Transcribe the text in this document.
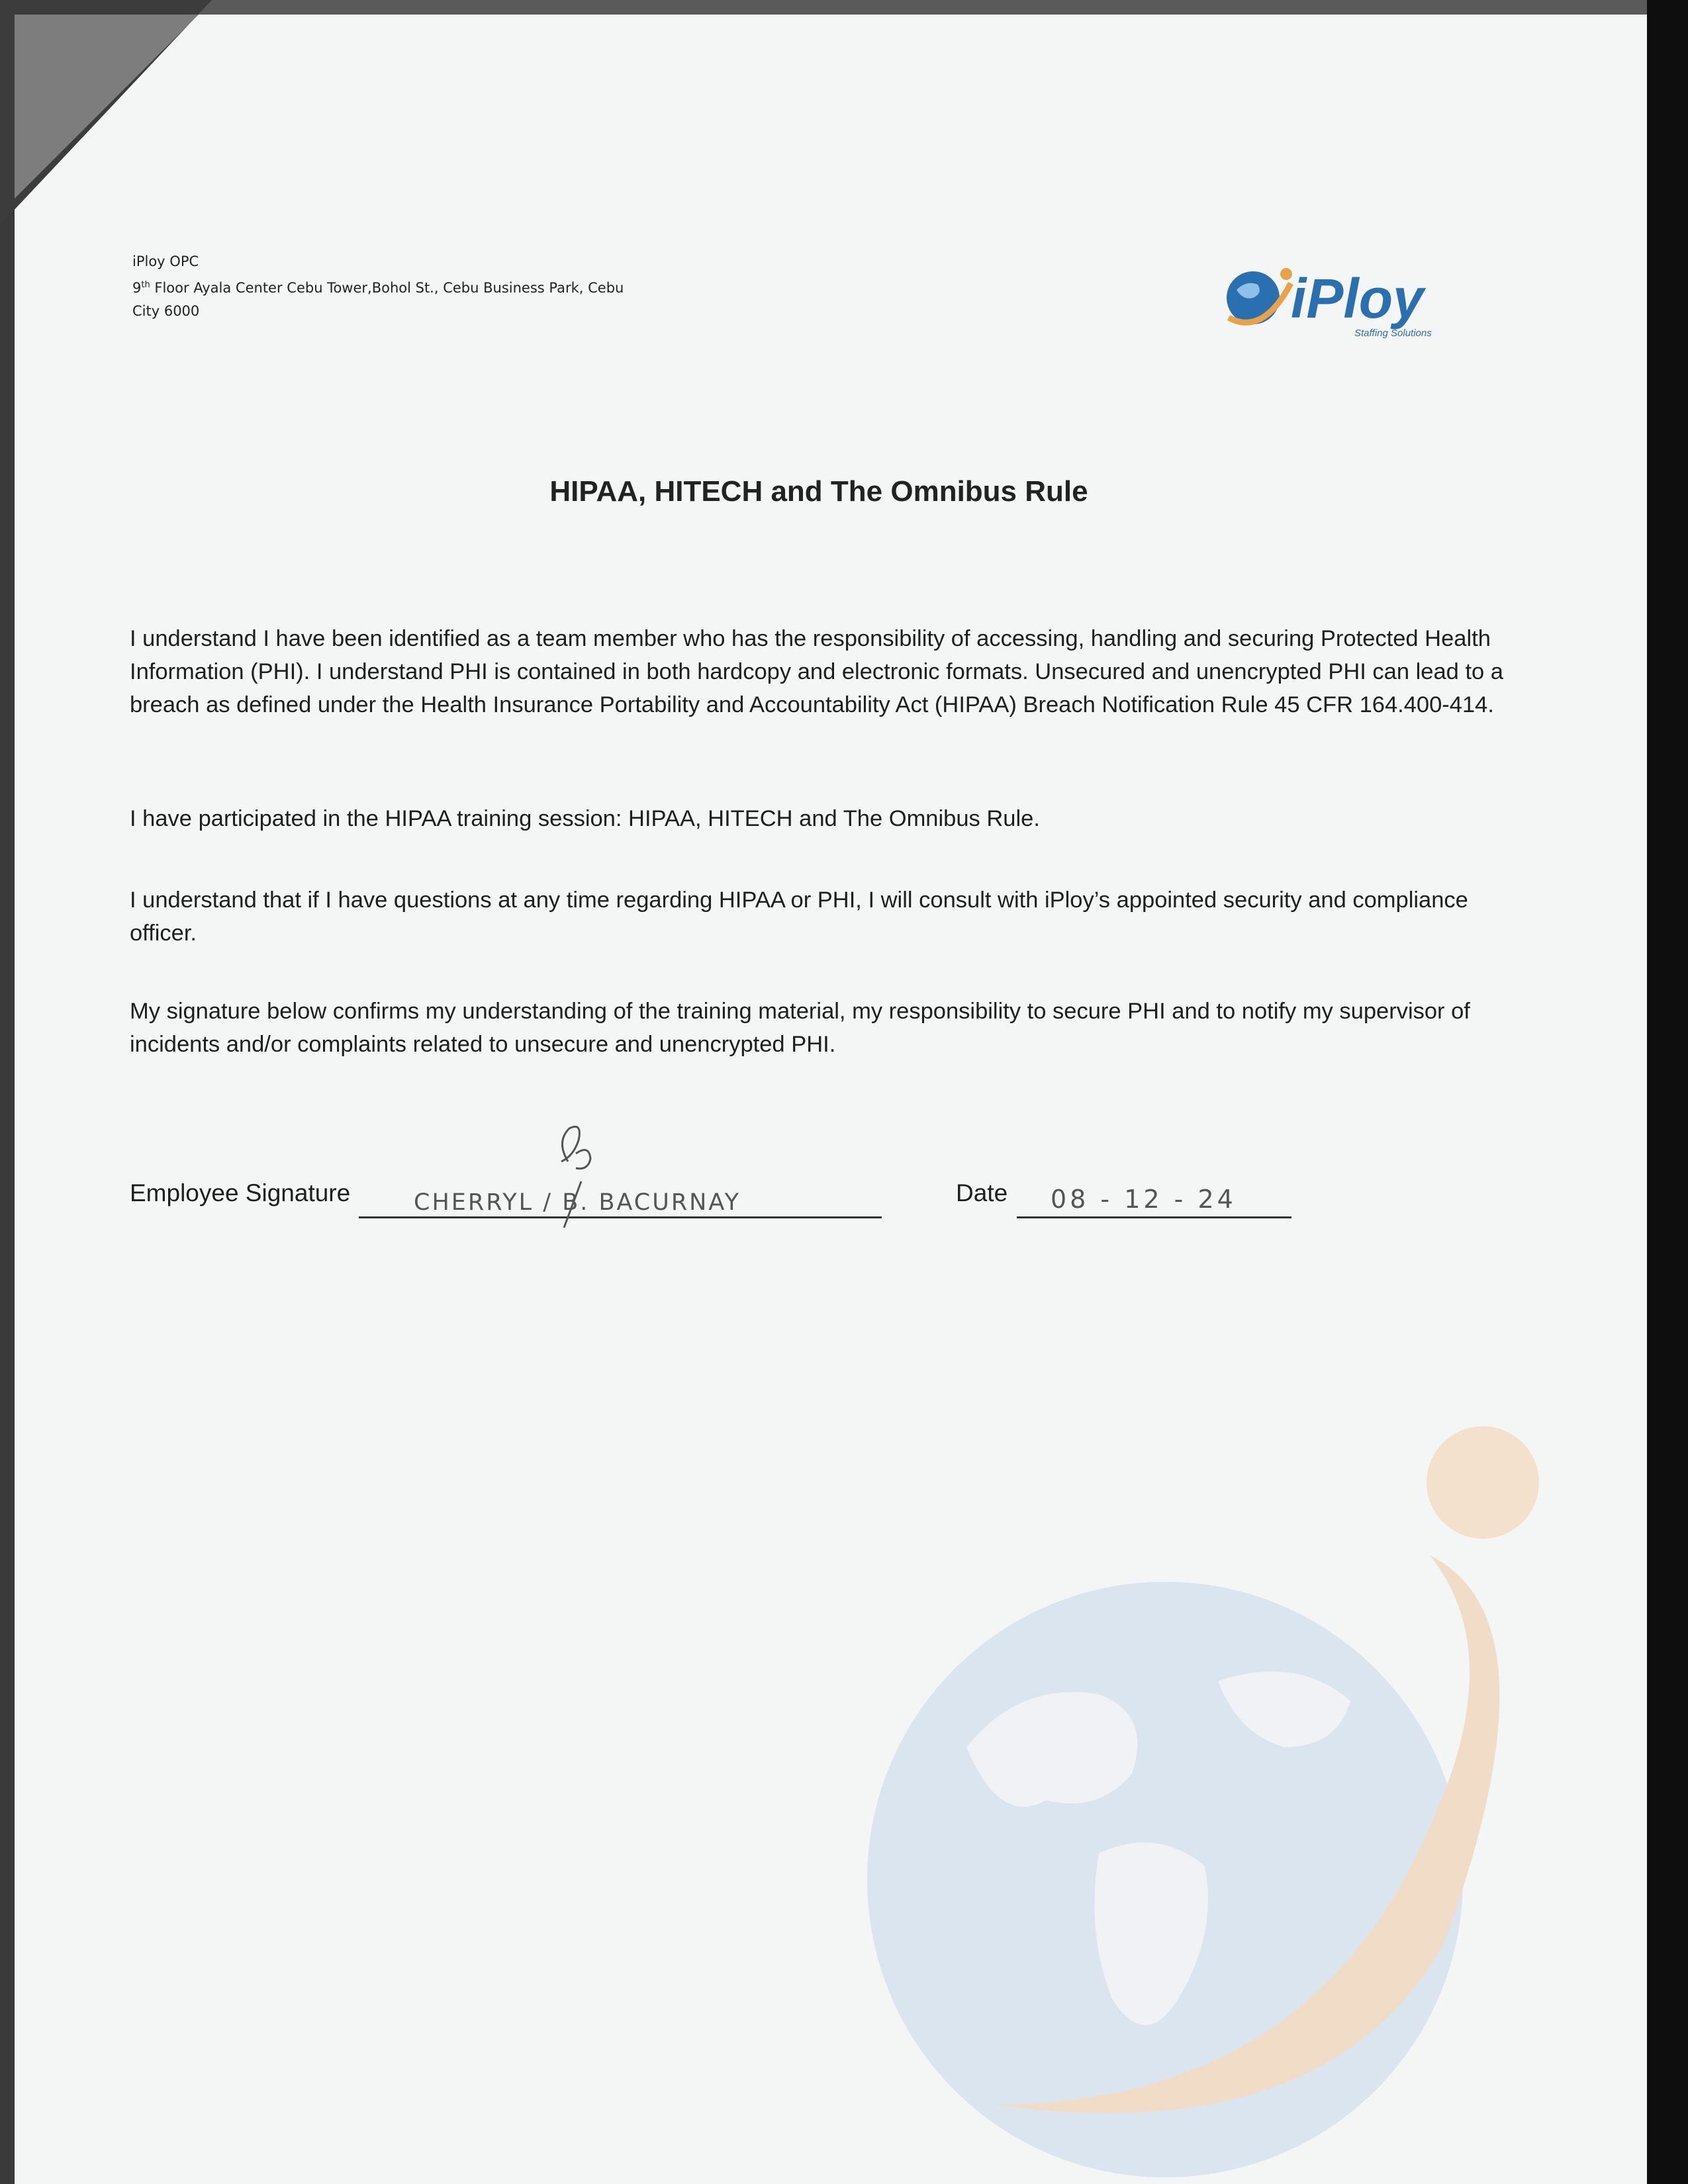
iPloy OPC
9th Floor Ayala Center Cebu Tower,Bohol St., Cebu Business Park, Cebu
City 6000	iPloy
Staffing Solutions
HIPAA, HITECH and The Omnibus Rule
I understand I have been identified as a team member who has the responsibility of accessing, handling and securing Protected Health Information (PHI). I understand PHI is contained in both hardcopy and electronic formats. Unsecured and unencrypted PHI can lead to a breach as defined under the Health Insurance Portability and Accountability Act (HIPAA) Breach Notification Rule 45 CFR 164.400-414.
I have participated in the HIPAA training session: HIPAA, HITECH and The Omnibus Rule.
I understand that if I have questions at any time regarding HIPAA or PHI, I will consult with iPloy’s appointed security and compliance officer.
My signature below confirms my understanding of the training material, my responsibility to secure PHI and to notify my supervisor of incidents and/or complaints related to unsecure and unencrypted PHI.
Employee Signature	CHERRYL / B. BACURNAY	Date 08 - 12 - 24
